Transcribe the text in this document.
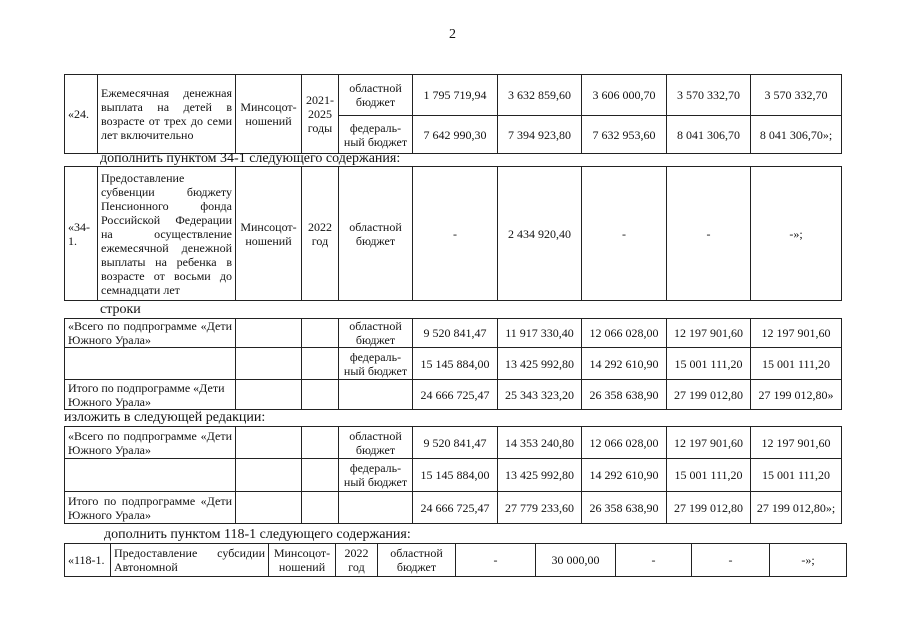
2
«24.	Ежемесячная денежная выплата на детей в возрасте от трех до семи лет включительно	Минсоцот-ношений	2021-2025 годы	областной бюджет	1 795 719,94	3 632 859,60	3 606 000,70	3 570 332,70	3 570 332,70
				федераль-ный бюджет	7 642 990,30	7 394 923,80	7 632 953,60	8 041 306,70	8 041 306,70»;
дополнить пунктом 34-1 следующего содержания:
«34-1.	Предоставление субвенции бюджету Пенсионного фонда Российской Федерации на осуществление ежемесячной денежной выплаты на ребенка в возрасте от восьми до семнадцати лет	Минсоцот-ношений	2022 год	областной бюджет	-	2 434 920,40	-	-	-»;
строки
«Всего по подпрограмме «Дети Южного Урала»			областной бюджет	9 520 841,47	11 917 330,40	12 066 028,00	12 197 901,60	12 197 901,60
			федераль-ный бюджет	15 145 884,00	13 425 992,80	14 292 610,90	15 001 111,20	15 001 111,20
Итого по подпрограмме «Дети Южного Урала»				24 666 725,47	25 343 323,20	26 358 638,90	27 199 012,80	27 199 012,80»
изложить в следующей редакции:
«Всего по подпрограмме «Дети Южного Урала»			областной бюджет	9 520 841,47	14 353 240,80	12 066 028,00	12 197 901,60	12 197 901,60
			федераль-ный бюджет	15 145 884,00	13 425 992,80	14 292 610,90	15 001 111,20	15 001 111,20
Итого по подпрограмме «Дети Южного Урала»				24 666 725,47	27 779 233,60	26 358 638,90	27 199 012,80	27 199 012,80»;
дополнить пунктом 118-1 следующего содержания:
«118-1.	Предоставление субсидии Автономной	Минсоцот-ношений	2022 год	областной бюджет	-	30 000,00	-	-	-»;
